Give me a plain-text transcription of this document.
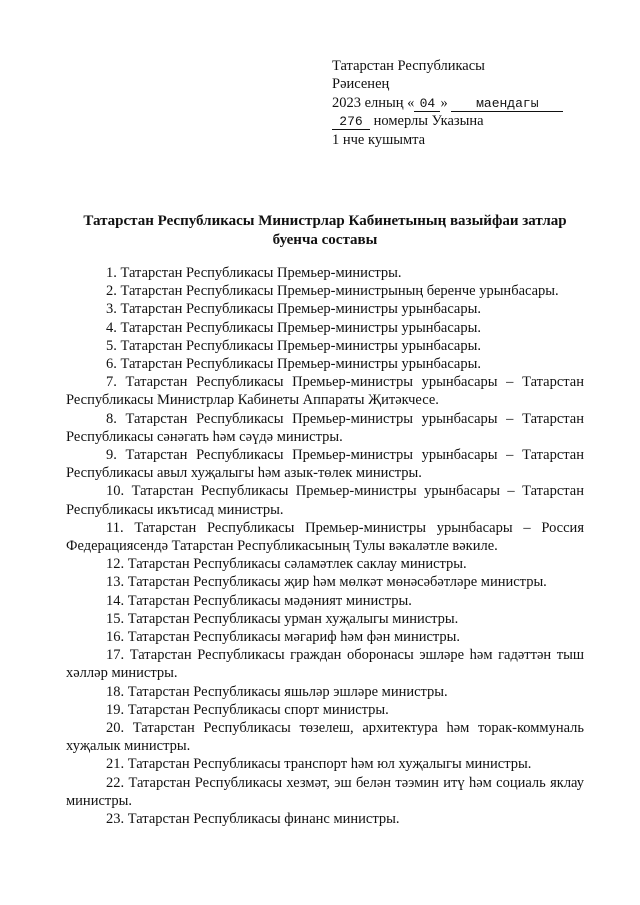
Татарстан Республикасы
Рәисенең
2023 елның « 04 » маендагы
276 номерлы Указына
1 нче кушымта
Татарстан Республикасы Министрлар Кабинетының вазыйфаи затлар буенча составы
1. Татарстан Республикасы Премьер-министры.
2. Татарстан Республикасы Премьер-министрының беренче урынбасары.
3. Татарстан Республикасы Премьер-министры урынбасары.
4. Татарстан Республикасы Премьер-министры урынбасары.
5. Татарстан Республикасы Премьер-министры урынбасары.
6. Татарстан Республикасы Премьер-министры урынбасары.
7. Татарстан Республикасы Премьер-министры урынбасары – Татарстан Республикасы Министрлар Кабинеты Аппараты Җитәкчесе.
8. Татарстан Республикасы Премьер-министры урынбасары – Татарстан Республикасы сәнәгать һәм сәүдә министры.
9. Татарстан Республикасы Премьер-министры урынбасары – Татарстан Республикасы авыл хуҗалыгы һәм азык-төлек министры.
10. Татарстан Республикасы Премьер-министры урынбасары – Татарстан Республикасы икътисад министры.
11. Татарстан Республикасы Премьер-министры урынбасары – Россия Федерациясендә Татарстан Республикасының Тулы вәкаләтле вәкиле.
12. Татарстан Республикасы сәламәтлек саклау министры.
13. Татарстан Республикасы җир һәм мөлкәт мөнәсәбәтләре министры.
14. Татарстан Республикасы мәдәният министры.
15. Татарстан Республикасы урман хуҗалыгы министры.
16. Татарстан Республикасы мәгариф һәм фән министры.
17. Татарстан Республикасы граждан оборонасы эшләре һәм гадәттән тыш хәлләр министры.
18. Татарстан Республикасы яшьләр эшләре министры.
19. Татарстан Республикасы спорт министры.
20. Татарстан Республикасы төзелеш, архитектура һәм торак-коммуналь хуҗалык министры.
21. Татарстан Республикасы транспорт һәм юл хуҗалыгы министры.
22. Татарстан Республикасы хезмәт, эш белән тәэмин итү һәм социаль яклау министры.
23. Татарстан Республикасы финанс министры.
